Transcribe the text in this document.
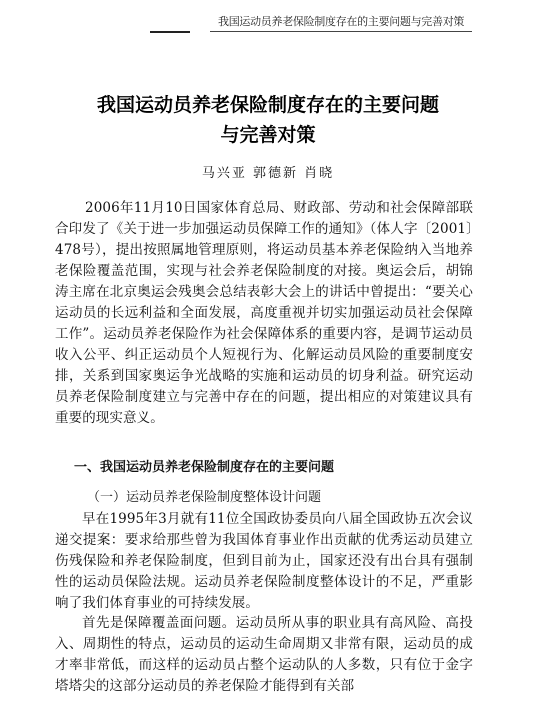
我国运动员养老保险制度存在的主要问题与完善对策
我国运动员养老保险制度存在的主要问题
与完善对策
马兴亚 郭德新 肖晓

2006年11月10日国家体育总局、财政部、劳动和社会保障部联合印发了《关于进一步加强运动员保障工作的通知》（体人字〔2001〕478号），提出按照属地管理原则，将运动员基本养老保险纳入当地养老保险覆盖范围，实现与社会养老保险制度的对接。奥运会后，胡锦涛主席在北京奥运会残奥会总结表彰大会上的讲话中曾提出：“要关心运动员的长远利益和全面发展，高度重视并切实加强运动员社会保障工作”。运动员养老保险作为社会保障体系的重要内容，是调节运动员收入公平、纠正运动员个人短视行为、化解运动员风险的重要制度安排，关系到国家奥运争光战略的实施和运动员的切身利益。研究运动员养老保险制度建立与完善中存在的问题，提出相应的对策建议具有重要的现实意义。

一、我国运动员养老保险制度存在的主要问题
（一）运动员养老保险制度整体设计问题

早在1995年3月就有11位全国政协委员向八届全国政协五次会议递交提案：要求给那些曾为我国体育事业作出贡献的优秀运动员建立伤残保险和养老保险制度，但到目前为止，国家还没有出台具有强制性的运动员保险法规。运动员养老保险制度整体设计的不足，严重影响了我们体育事业的可持续发展。

首先是保障覆盖面问题。运动员所从事的职业具有高风险、高投入、周期性的特点，运动员的运动生命周期又非常有限，运动员的成才率非常低，而这样的运动员占整个运动队的人多数，只有位于金字塔塔尖的这部分运动员的养老保险才能得到有关部
